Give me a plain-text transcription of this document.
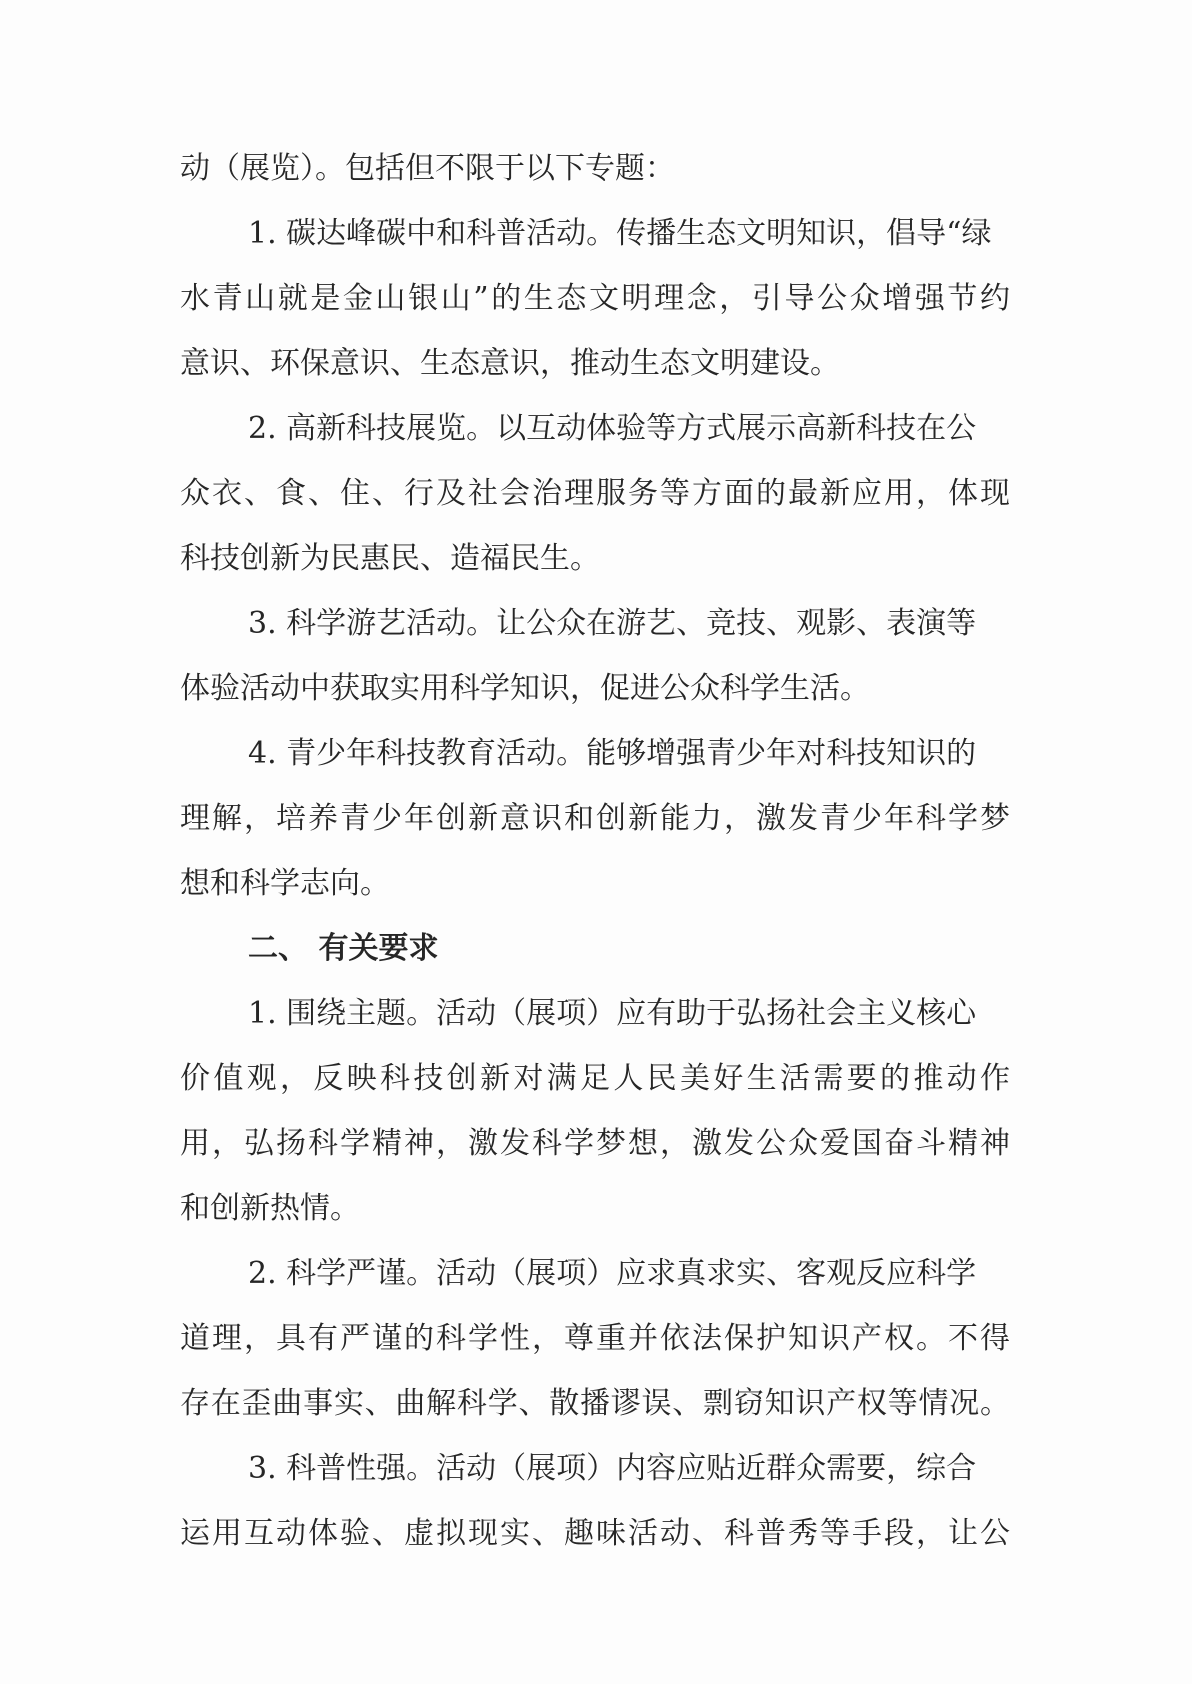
动（展览）。包括但不限于以下专题：
1. 碳达峰碳中和科普活动。传播生态文明知识，倡导“绿
水青山就是金山银山”的生态文明理念，引导公众增强节约
意识、环保意识、生态意识，推动生态文明建设。
2. 高新科技展览。以互动体验等方式展示高新科技在公
众衣、食、住、行及社会治理服务等方面的最新应用，体现
科技创新为民惠民、造福民生。
3. 科学游艺活动。让公众在游艺、竞技、观影、表演等
体验活动中获取实用科学知识，促进公众科学生活。
4. 青少年科技教育活动。能够增强青少年对科技知识的
理解，培养青少年创新意识和创新能力，激发青少年科学梦
想和科学志向。
二、 有关要求
1. 围绕主题。活动（展项）应有助于弘扬社会主义核心
价值观，反映科技创新对满足人民美好生活需要的推动作
用，弘扬科学精神，激发科学梦想，激发公众爱国奋斗精神
和创新热情。
2. 科学严谨。活动（展项）应求真求实、客观反应科学
道理，具有严谨的科学性，尊重并依法保护知识产权。不得
存在歪曲事实、曲解科学、散播谬误、剽窃知识产权等情况。
3. 科普性强。活动（展项）内容应贴近群众需要，综合
运用互动体验、虚拟现实、趣味活动、科普秀等手段，让公
